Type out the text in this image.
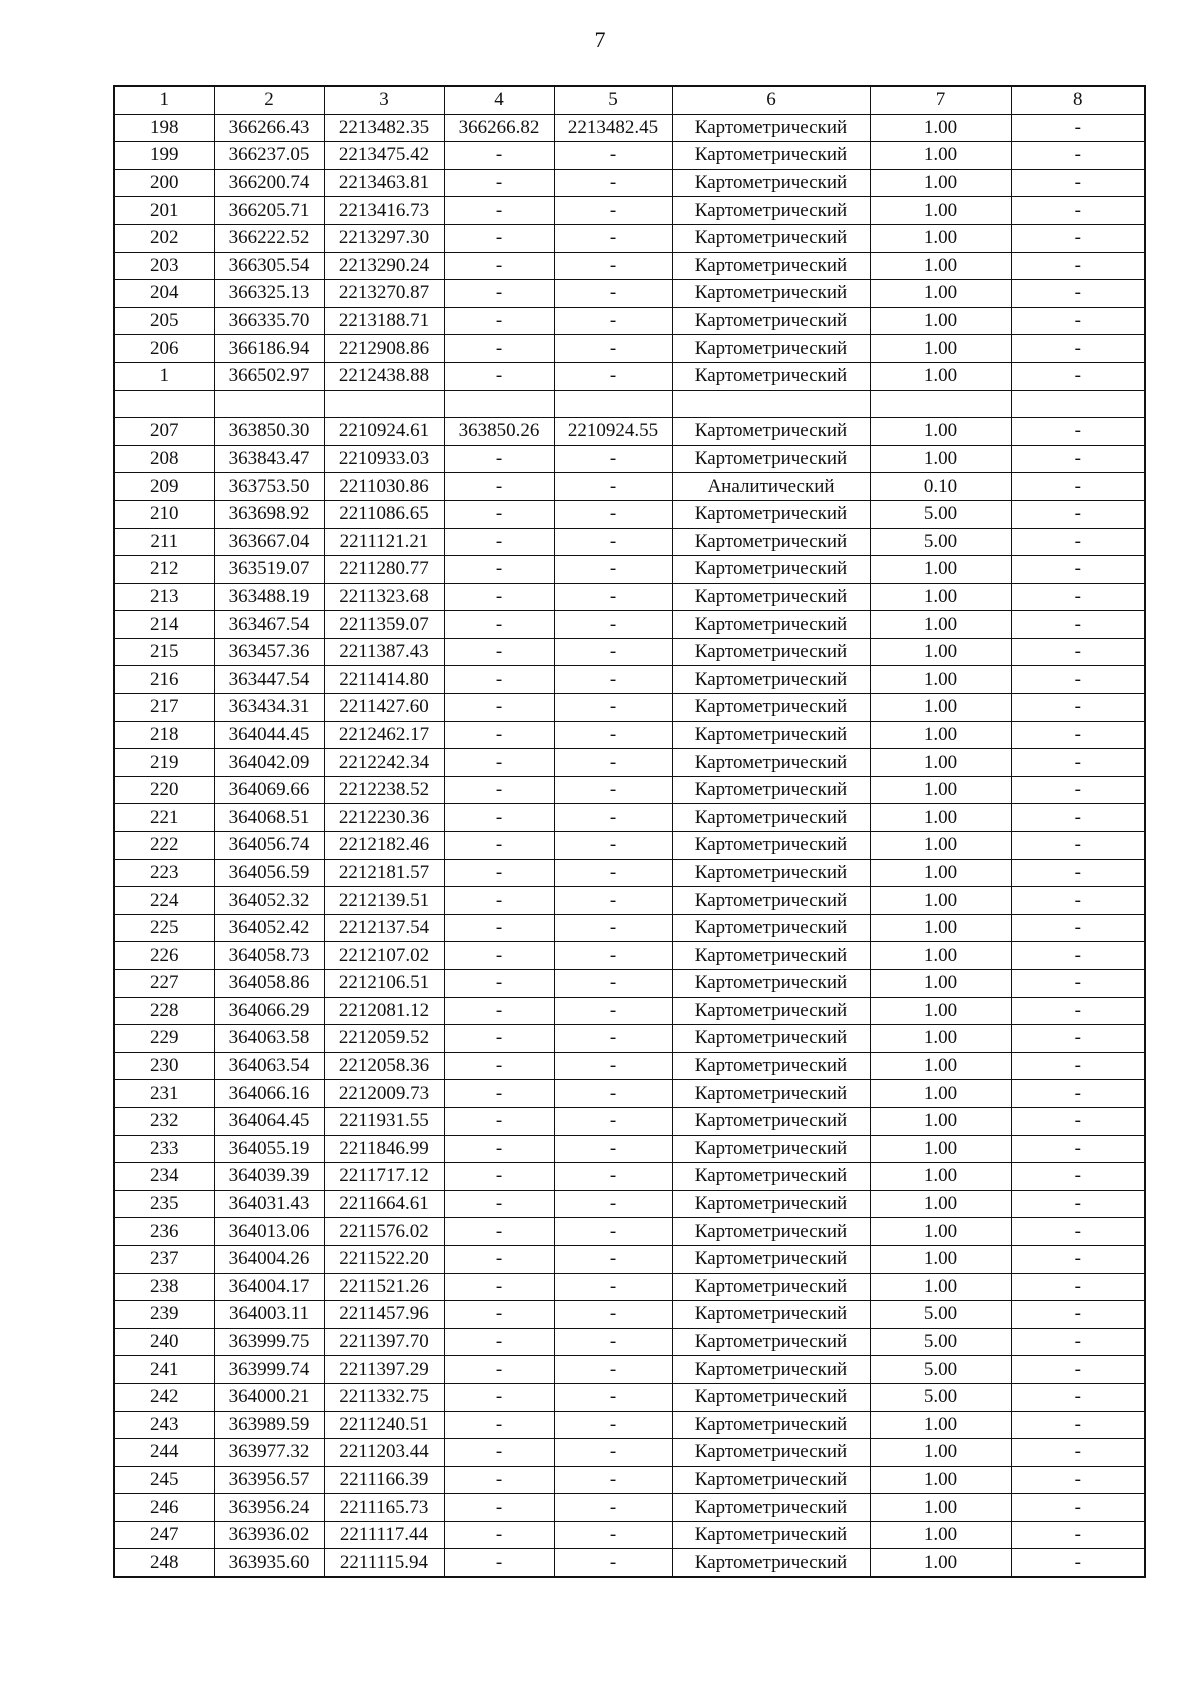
7
1	2	3	4	5	6	7	8
198	366266.43	2213482.35	366266.82	2213482.45	Картометрический	1.00	-
199	366237.05	2213475.42	-	-	Картометрический	1.00	-
200	366200.74	2213463.81	-	-	Картометрический	1.00	-
201	366205.71	2213416.73	-	-	Картометрический	1.00	-
202	366222.52	2213297.30	-	-	Картометрический	1.00	-
203	366305.54	2213290.24	-	-	Картометрический	1.00	-
204	366325.13	2213270.87	-	-	Картометрический	1.00	-
205	366335.70	2213188.71	-	-	Картометрический	1.00	-
206	366186.94	2212908.86	-	-	Картометрический	1.00	-
1	366502.97	2212438.88	-	-	Картометрический	1.00	-

207	363850.30	2210924.61	363850.26	2210924.55	Картометрический	1.00	-
208	363843.47	2210933.03	-	-	Картометрический	1.00	-
209	363753.50	2211030.86	-	-	Аналитический	0.10	-
210	363698.92	2211086.65	-	-	Картометрический	5.00	-
211	363667.04	2211121.21	-	-	Картометрический	5.00	-
212	363519.07	2211280.77	-	-	Картометрический	1.00	-
213	363488.19	2211323.68	-	-	Картометрический	1.00	-
214	363467.54	2211359.07	-	-	Картометрический	1.00	-
215	363457.36	2211387.43	-	-	Картометрический	1.00	-
216	363447.54	2211414.80	-	-	Картометрический	1.00	-
217	363434.31	2211427.60	-	-	Картометрический	1.00	-
218	364044.45	2212462.17	-	-	Картометрический	1.00	-
219	364042.09	2212242.34	-	-	Картометрический	1.00	-
220	364069.66	2212238.52	-	-	Картометрический	1.00	-
221	364068.51	2212230.36	-	-	Картометрический	1.00	-
222	364056.74	2212182.46	-	-	Картометрический	1.00	-
223	364056.59	2212181.57	-	-	Картометрический	1.00	-
224	364052.32	2212139.51	-	-	Картометрический	1.00	-
225	364052.42	2212137.54	-	-	Картометрический	1.00	-
226	364058.73	2212107.02	-	-	Картометрический	1.00	-
227	364058.86	2212106.51	-	-	Картометрический	1.00	-
228	364066.29	2212081.12	-	-	Картометрический	1.00	-
229	364063.58	2212059.52	-	-	Картометрический	1.00	-
230	364063.54	2212058.36	-	-	Картометрический	1.00	-
231	364066.16	2212009.73	-	-	Картометрический	1.00	-
232	364064.45	2211931.55	-	-	Картометрический	1.00	-
233	364055.19	2211846.99	-	-	Картометрический	1.00	-
234	364039.39	2211717.12	-	-	Картометрический	1.00	-
235	364031.43	2211664.61	-	-	Картометрический	1.00	-
236	364013.06	2211576.02	-	-	Картометрический	1.00	-
237	364004.26	2211522.20	-	-	Картометрический	1.00	-
238	364004.17	2211521.26	-	-	Картометрический	1.00	-
239	364003.11	2211457.96	-	-	Картометрический	5.00	-
240	363999.75	2211397.70	-	-	Картометрический	5.00	-
241	363999.74	2211397.29	-	-	Картометрический	5.00	-
242	364000.21	2211332.75	-	-	Картометрический	5.00	-
243	363989.59	2211240.51	-	-	Картометрический	1.00	-
244	363977.32	2211203.44	-	-	Картометрический	1.00	-
245	363956.57	2211166.39	-	-	Картометрический	1.00	-
246	363956.24	2211165.73	-	-	Картометрический	1.00	-
247	363936.02	2211117.44	-	-	Картометрический	1.00	-
248	363935.60	2211115.94	-	-	Картометрический	1.00	-
